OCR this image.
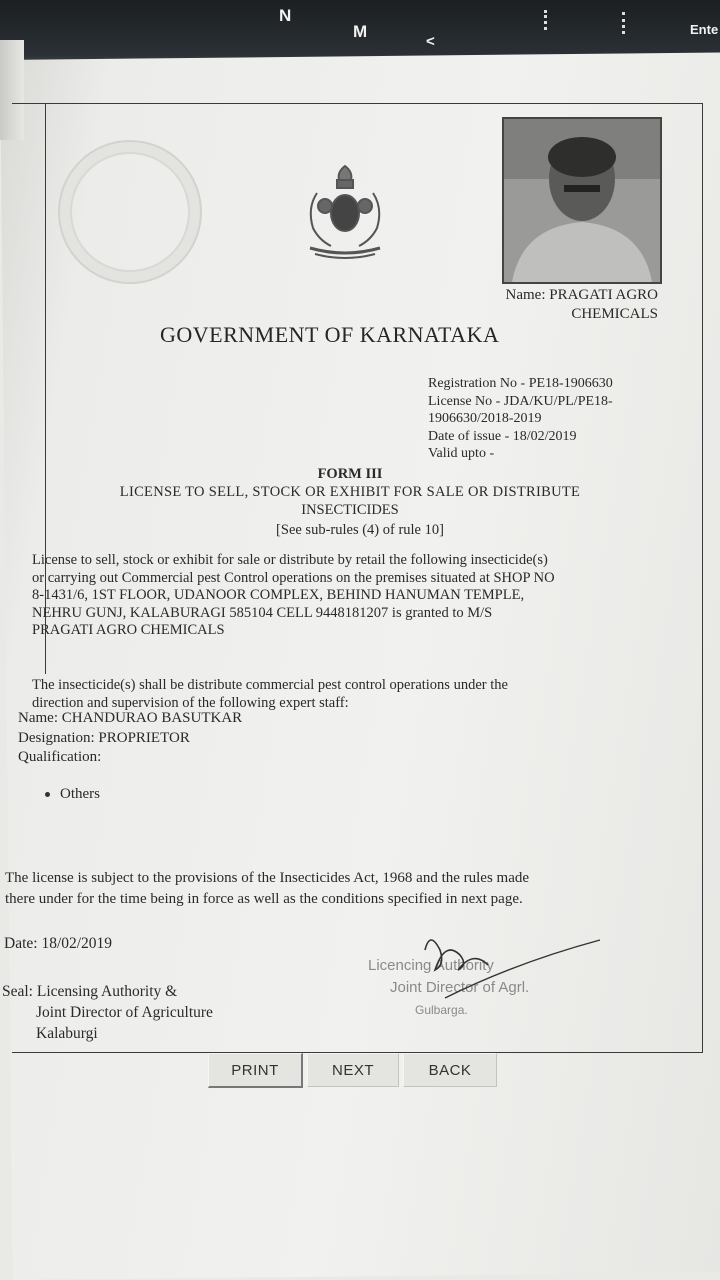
N
M
<
Ente
Name: PRAGATI AGRO
CHEMICALS
GOVERNMENT OF KARNATAKA
Registration No - PE18-1906630
License No - JDA/KU/PL/PE18-
1906630/2018-2019
Date of issue - 18/02/2019
Valid upto -
FORM III
LICENSE TO SELL, STOCK OR EXHIBIT FOR SALE OR DISTRIBUTE
INSECTICIDES
[See sub-rules (4) of rule 10]
License to sell, stock or exhibit for sale or distribute by retail the following insecticide(s)
or carrying out Commercial pest Control operations on the premises situated at SHOP NO
8-1431/6, 1ST FLOOR, UDANOOR COMPLEX, BEHIND HANUMAN TEMPLE,
NEHRU GUNJ, KALABURAGI 585104 CELL 9448181207 is granted to M/S
PRAGATI AGRO CHEMICALS
The insecticide(s) shall be distribute commercial pest control operations under the
direction and supervision of the following expert staff:
Name: CHANDURAO BASUTKAR
Designation: PROPRIETOR
Qualification:
Others
The license is subject to the provisions of the Insecticides Act, 1968 and the rules made
there under for the time being in force as well as the conditions specified in next page.
Date: 18/02/2019
Seal: Licensing Authority &
Joint Director of Agriculture
Kalaburgi
Licencing Authority
Joint Director of Agrl.
Gulbarga.
PRINT	NEXT	BACK
